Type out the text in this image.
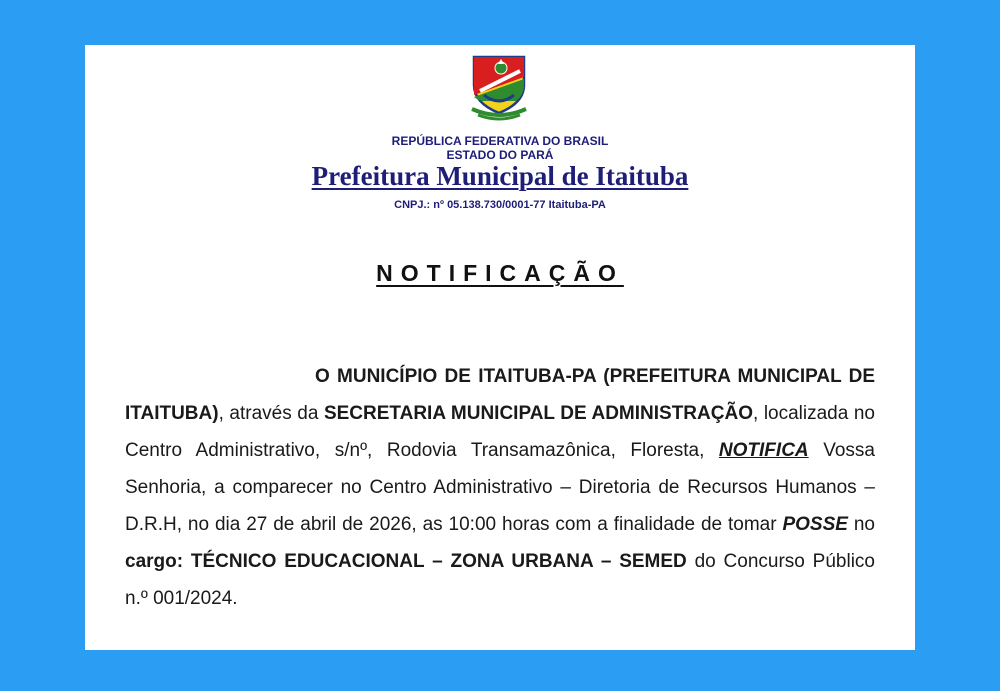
REPÚBLICA FEDERATIVA DO BRASIL
ESTADO DO PARÁ
Prefeitura Municipal de Itaituba
CNPJ.: nº 05.138.730/0001-77 Itaituba-PA
NOTIFICAÇÃO
O MUNICÍPIO DE ITAITUBA-PA (PREFEITURA MUNICIPAL DE ITAITUBA), através da SECRETARIA MUNICIPAL DE ADMINISTRAÇÃO, localizada no Centro Administrativo, s/nº, Rodovia Transamazônica, Floresta, NOTIFICA Vossa Senhoria, a comparecer no Centro Administrativo – Diretoria de Recursos Humanos – D.R.H, no dia 27 de abril de 2026, as 10:00 horas com a finalidade de tomar POSSE no cargo: TÉCNICO EDUCACIONAL – ZONA URBANA – SEMED do Concurso Público n.º 001/2024.
